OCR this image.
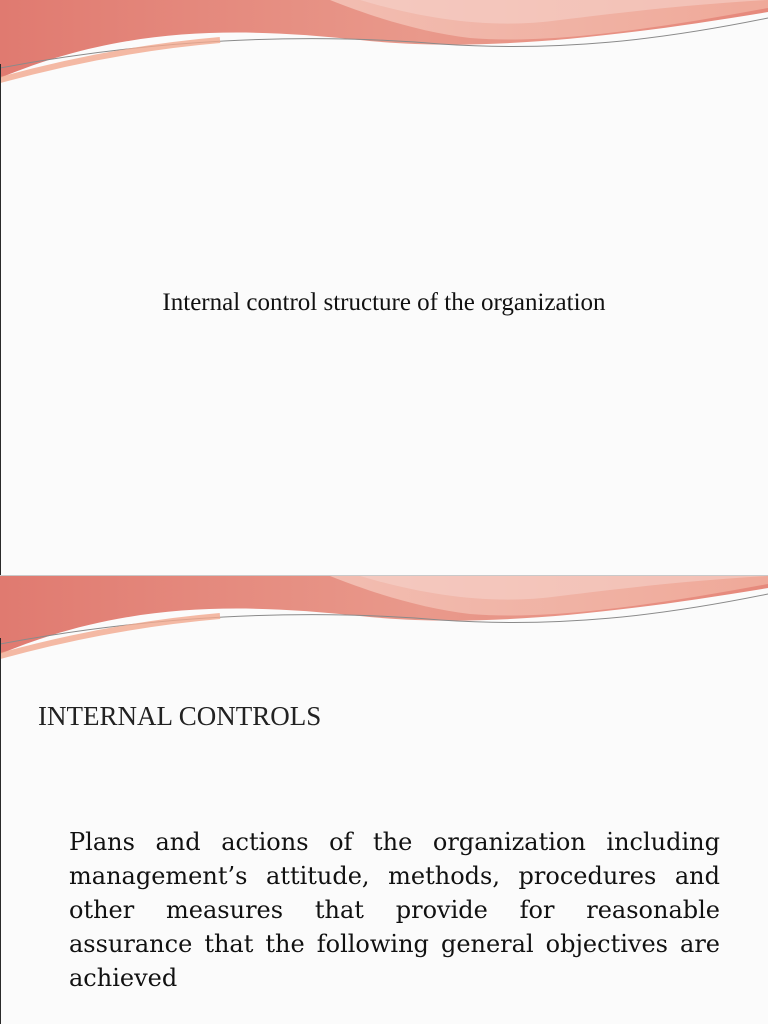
Internal control structure of the organization
INTERNAL CONTROLS
Plans and actions of the organization including management’s attitude, methods, procedures and other measures that provide for reasonable assurance that the following general objectives are achieved
